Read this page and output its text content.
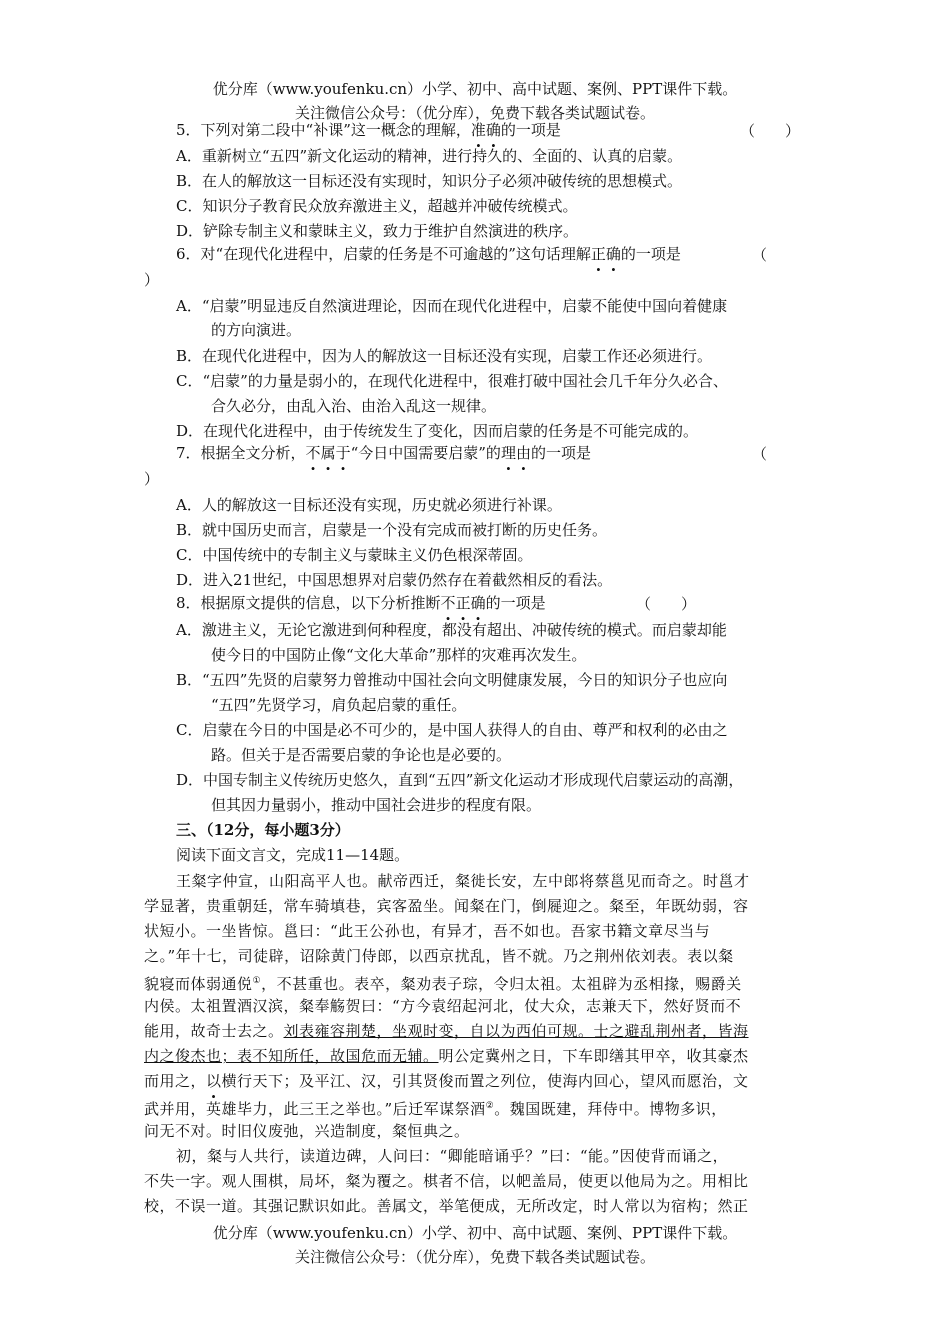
优分库（www.youfenku.cn）小学、初中、高中试题、案例、PPT课件下载。
关注微信公众号：（优分库），免费下载各类试题试卷。
5．下列对第二段中“补课”这一概念的理解，准确的一项是	（　　）
A．重新树立“五四”新文化运动的精神，进行持久的、全面的、认真的启蒙。
B．在人的解放这一目标还没有实现时，知识分子必须冲破传统的思想模式。
C．知识分子教育民众放弃激进主义，超越并冲破传统模式。
D．铲除专制主义和蒙昧主义，致力于维护自然演进的秩序。
6．对“在现代化进程中，启蒙的任务是不可逾越的”这句话理解正确的一项是	（
）
A．“启蒙”明显违反自然演进理论，因而在现代化进程中，启蒙不能使中国向着健康
的方向演进。
B．在现代化进程中，因为人的解放这一目标还没有实现，启蒙工作还必须进行。
C．“启蒙”的力量是弱小的，在现代化进程中，很难打破中国社会几千年分久必合、
合久必分，由乱入治、由治入乱这一规律。
D．在现代化进程中，由于传统发生了变化，因而启蒙的任务是不可能完成的。
7．根据全文分析，不属于“今日中国需要启蒙”的理由的一项是	（
）
A．人的解放这一目标还没有实现，历史就必须进行补课。
B．就中国历史而言，启蒙是一个没有完成而被打断的历史任务。
C．中国传统中的专制主义与蒙昧主义仍色根深蒂固。
D．进入21世纪，中国思想界对启蒙仍然存在着截然相反的看法。
8．根据原文提供的信息，以下分析推断不正确的一项是	（　　）
A．激进主义，无论它激进到何种程度，都没有超出、冲破传统的模式。而启蒙却能
使今日的中国防止像“文化大革命”那样的灾难再次发生。
B．“五四”先贤的启蒙努力曾推动中国社会向文明健康发展，今日的知识分子也应向
“五四”先贤学习，肩负起启蒙的重任。
C．启蒙在今日的中国是必不可少的，是中国人获得人的自由、尊严和权利的必由之
路。但关于是否需要启蒙的争论也是必要的。
D．中国专制主义传统历史悠久，直到“五四”新文化运动才形成现代启蒙运动的高潮，
但其因力量弱小，推动中国社会进步的程度有限。
三、（12分，每小题3分）
阅读下面文言文，完成11—14题。
王粲字仲宣，山阳高平人也。献帝西迁，粲徙长安，左中郎将蔡邕见而奇之。时邕才
学显著，贵重朝廷，常车骑填巷，宾客盈坐。闻粲在门，倒屣迎之。粲至，年既幼弱，容
状短小。一坐皆惊。邕曰：“此王公孙也，有异才，吾不如也。吾家书籍文章尽当与
之。”年十七，司徒辟，诏除黄门侍郎，以西京扰乱，皆不就。乃之荆州依刘表。表以粲
貌寝而体弱通侻①，不甚重也。表卒，粲劝表子琮，令归太祖。太祖辟为丞相掾，赐爵关
内侯。太祖置酒汉滨，粲奉觞贺曰：“方今袁绍起河北，仗大众，志兼天下，然好贤而不
能用，故奇士去之。刘表雍容荆楚，坐观时变，自以为西伯可规。士之避乱荆州者，皆海
内之俊杰也；表不知所任，故国危而无辅。明公定冀州之日，下车即缮其甲卒，收其豪杰
而用之，以横行天下；及平江、汉，引其贤俊而置之列位，使海内回心，望风而愿治，文
武并用，英雄毕力，此三王之举也。”后迁军谋祭酒②。魏国既建，拜侍中。博物多识，
问无不对。时旧仪废弛，兴造制度，粲恒典之。
初，粲与人共行，读道边碑，人问曰：“卿能暗诵乎？”曰：“能。”因使背而诵之，
不失一字。观人围棋，局坏，粲为覆之。棋者不信，以帊盖局，使更以他局为之。用相比
校，不误一道。其强记默识如此。善属文，举笔便成，无所改定，时人常以为宿构；然正
优分库（www.youfenku.cn）小学、初中、高中试题、案例、PPT课件下载。
关注微信公众号：（优分库），免费下载各类试题试卷。
